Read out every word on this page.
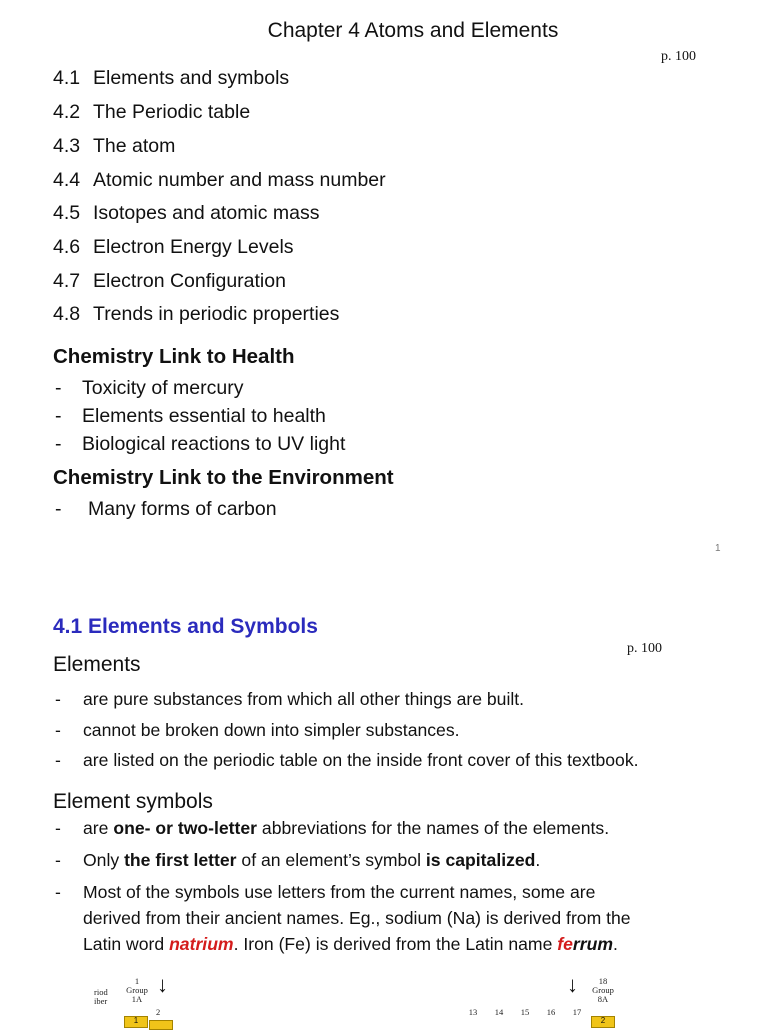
Chapter 4 Atoms and Elements
p. 100
4.1 Elements and symbols
4.2 The Periodic table
4.3 The atom
4.4 Atomic number and mass number
4.5 Isotopes and atomic mass
4.6 Electron Energy Levels
4.7 Electron Configuration
4.8 Trends in periodic properties
Chemistry Link to Health
- Toxicity of mercury
- Elements essential to health
- Biological reactions to UV light
Chemistry Link to the Environment
- Many forms of carbon
1
4.1 Elements and Symbols
p. 100
Elements
- are pure substances from which all other things are built.
- cannot be broken down into simpler substances.
- are listed on the periodic table on the inside front cover of this textbook.
Element symbols
- are one- or two-letter abbreviations for the names of the elements.
- Only the first letter of an element’s symbol is capitalized.
- Most of the symbols use letters from the current names, some are
derived from their ancient names. Eg., sodium (Na) is derived from the
Latin word natrium. Iron (Fe) is derived from the Latin name ferrum.
riod
iber
1
Group
1A
↓
2
1
↓	18
Group
8A
13 14 15 16 17
2
